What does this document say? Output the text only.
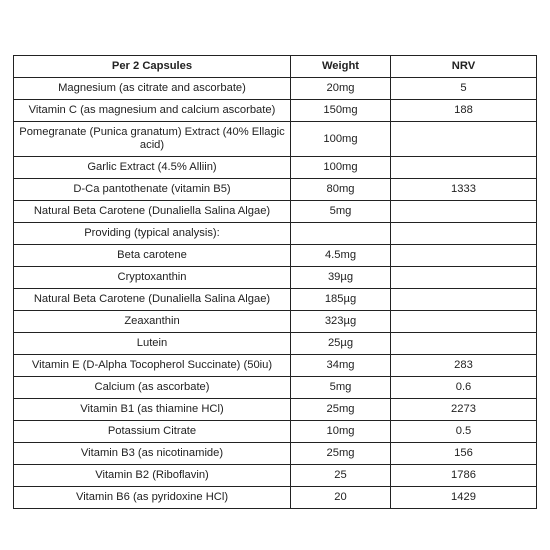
Per 2 Capsules	Weight	NRV
Magnesium (as citrate and ascorbate)	20mg	5
Vitamin C (as magnesium and calcium ascorbate)	150mg	188
Pomegranate (Punica granatum) Extract (40% Ellagic acid)	100mg	
Garlic Extract (4.5% Alliin)	100mg	
D-Ca pantothenate (vitamin B5)	80mg	1333
Natural Beta Carotene (Dunaliella Salina Algae)	5mg	
Providing (typical analysis):		
Beta carotene	4.5mg	
Cryptoxanthin	39µg	
Natural Beta Carotene (Dunaliella Salina Algae)	185µg	
Zeaxanthin	323µg	
Lutein	25µg	
Vitamin E (D-Alpha Tocopherol Succinate) (50iu)	34mg	283
Calcium (as ascorbate)	5mg	0.6
Vitamin B1 (as thiamine HCl)	25mg	2273
Potassium Citrate	10mg	0.5
Vitamin B3 (as nicotinamide)	25mg	156
Vitamin B2 (Riboflavin)	25	1786
Vitamin B6 (as pyridoxine HCl)	20	1429
